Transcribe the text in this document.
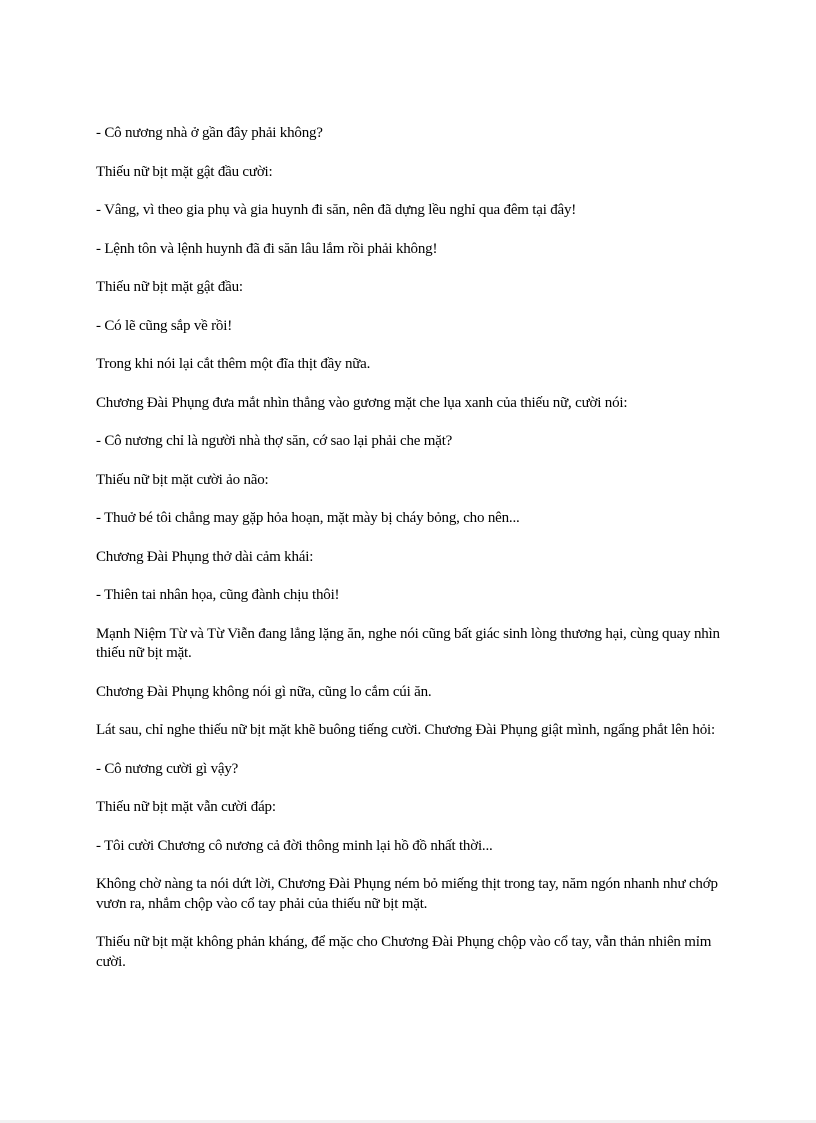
- Cô nương nhà ở gần đây phải không?

Thiếu nữ bịt mặt gật đầu cười:

- Vâng, vì theo gia phụ và gia huynh đi săn, nên đã dựng lều nghỉ qua đêm tại đây!

- Lệnh tôn và lệnh huynh đã đi săn lâu lắm rồi phải không!

Thiếu nữ bịt mặt gật đầu:

- Có lẽ cũng sắp về rồi!

Trong khi nói lại cắt thêm một đĩa thịt đầy nữa.

Chương Đài Phụng đưa mắt nhìn thẳng vào gương mặt che lụa xanh của thiếu nữ, cười nói:

- Cô nương chỉ là người nhà thợ săn, cớ sao lại phải che mặt?

Thiếu nữ bịt mặt cười ảo não:

- Thuở bé tôi chẳng may gặp hỏa hoạn, mặt mày bị cháy bỏng, cho nên...

Chương Đài Phụng thở dài cảm khái:

- Thiên tai nhân họa, cũng đành chịu thôi!

Mạnh Niệm Từ và Từ Viễn đang lẳng lặng ăn, nghe nói cũng bất giác sinh lòng thương hại, cùng quay nhìn thiếu nữ bịt mặt.

Chương Đài Phụng không nói gì nữa, cũng lo cắm cúi ăn.

Lát sau, chỉ nghe thiếu nữ bịt mặt khẽ buông tiếng cười. Chương Đài Phụng giật mình, ngẩng phắt lên hỏi:

- Cô nương cười gì vậy?

Thiếu nữ bịt mặt vẫn cười đáp:

- Tôi cười Chương cô nương cả đời thông minh lại hồ đồ nhất thời...

Không chờ nàng ta nói dứt lời, Chương Đài Phụng ném bỏ miếng thịt trong tay, năm ngón nhanh như chớp vươn ra, nhắm chộp vào cổ tay phải của thiếu nữ bịt mặt.

Thiếu nữ bịt mặt không phản kháng, để mặc cho Chương Đài Phụng chộp vào cổ tay, vẫn thản nhiên mỉm cười.
